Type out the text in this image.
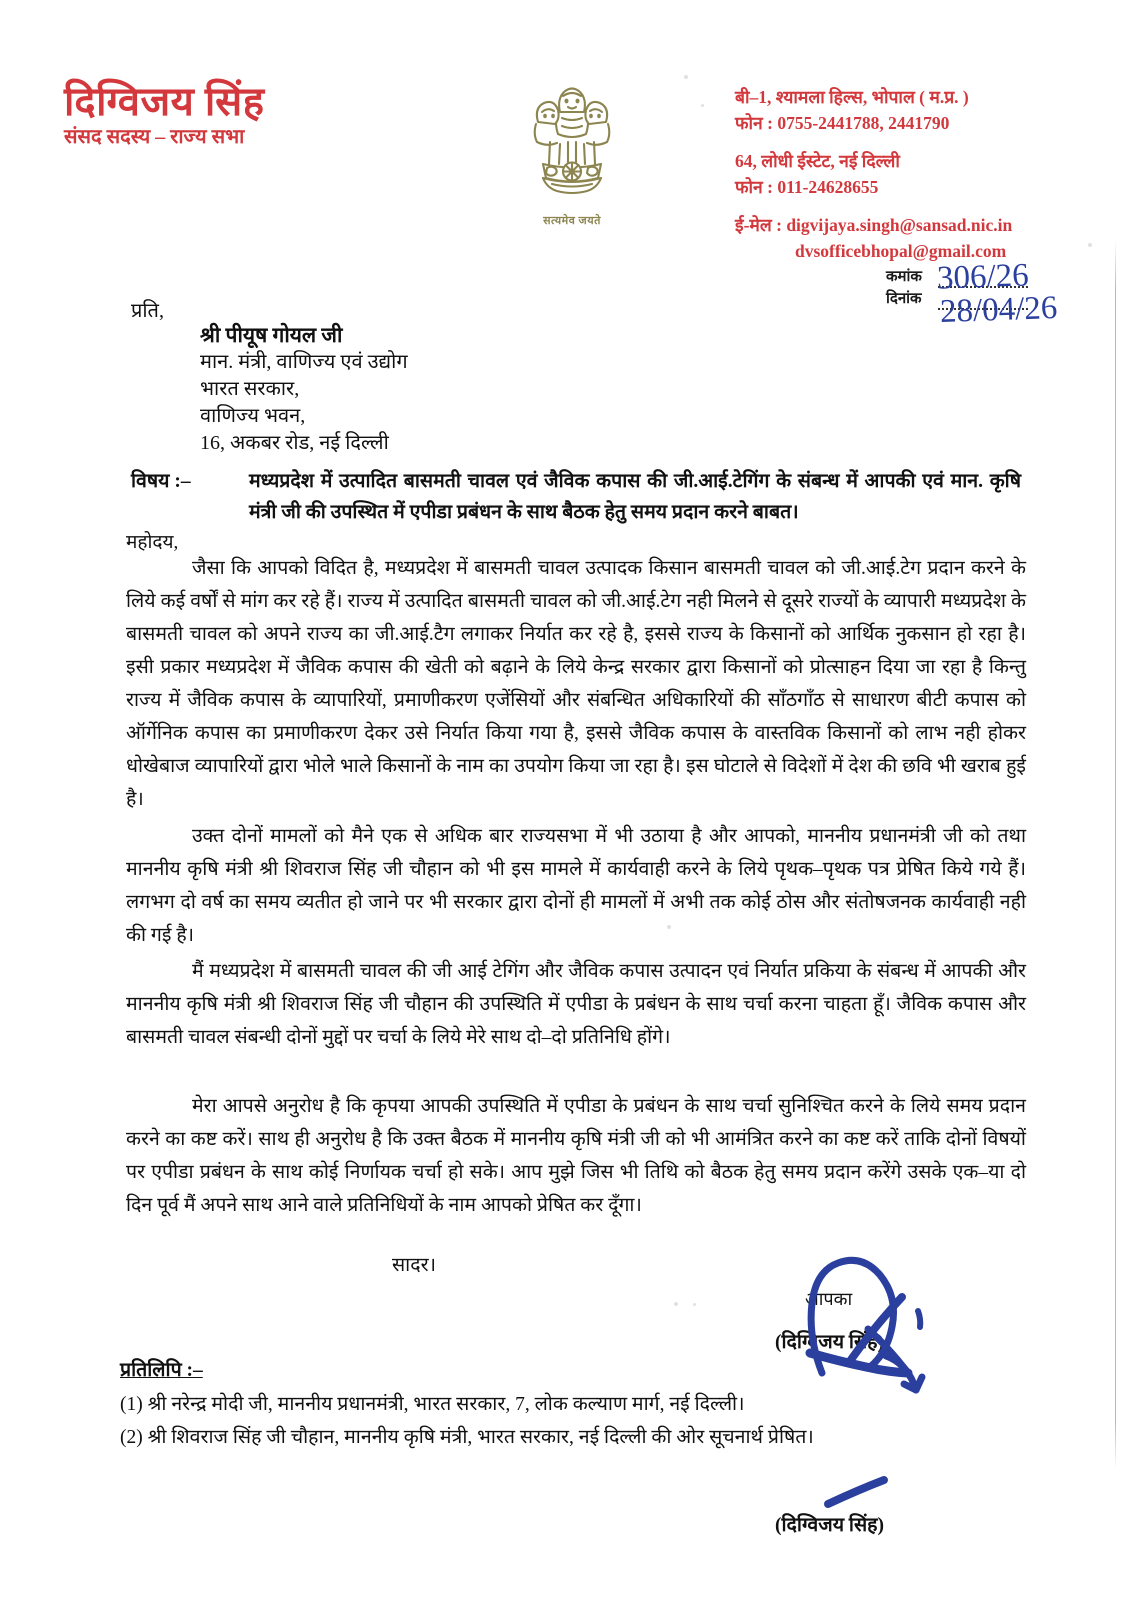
दिग्विजय सिंह
संसद सदस्य – राज्य सभा
सत्यमेव जयते
बी–1, श्यामला हिल्स, भोपाल ( म.प्र. )
फोन : 0755-2441788, 2441790
64, लोधी ईस्टेट, नई दिल्ली
फोन : 011-24628655
ई-मेल : digvijaya.singh@sansad.nic.in
dvsofficebhopal@gmail.com
कमांक
दिनांक
306/26
28/04/26
प्रति,
श्री पीयूष गोयल जी
मान. मंत्री, वाणिज्य एवं उद्योग
भारत सरकार,
वाणिज्य भवन,
16, अकबर रोड, नई दिल्ली
विषय :–	मध्यप्रदेश में उत्पादित बासमती चावल एवं जैविक कपास की जी.आई.टेगिंग के संबन्ध में आपकी एवं मान. कृषि मंत्री जी की उपस्थित में एपीडा प्रबंधन के साथ बैठक हेतु समय प्रदान करने बाबत।
महोदय,
जैसा कि आपको विदित है, मध्यप्रदेश में बासमती चावल उत्पादक किसान बासमती चावल को जी.आई.टेग प्रदान करने के लिये कई वर्षों से मांग कर रहे हैं। राज्य में उत्पादित बासमती चावल को जी.आई.टेग नही मिलने से दूसरे राज्यों के व्यापारी मध्यप्रदेश के बासमती चावल को अपने राज्य का जी.आई.टैग लगाकर निर्यात कर रहे है, इससे राज्य के किसानों को आर्थिक नुकसान हो रहा है। इसी प्रकार मध्यप्रदेश में जैविक कपास की खेती को बढ़ाने के लिये केन्द्र सरकार द्वारा किसानों को प्रोत्साहन दिया जा रहा है किन्तु राज्य में जैविक कपास के व्यापारियों, प्रमाणीकरण एजेंसियों और संबन्धित अधिकारियों की सॉंठगॉंठ से साधारण बीटी कपास को ऑर्गेनिक कपास का प्रमाणीकरण देकर उसे निर्यात किया गया है, इससे जैविक कपास के वास्तविक किसानों को लाभ नही होकर धोखेबाज व्यापारियों द्वारा भोले भाले किसानों के नाम का उपयोग किया जा रहा है। इस घोटाले से विदेशों में देश की छवि भी खराब हुई है।
उक्त दोनों मामलों को मैने एक से अधिक बार राज्यसभा में भी उठाया है और आपको, माननीय प्रधानमंत्री जी को तथा माननीय कृषि मंत्री श्री शिवराज सिंह जी चौहान को भी इस मामले में कार्यवाही करने के लिये पृथक–पृथक पत्र प्रेषित किये गये हैं। लगभग दो वर्ष का समय व्यतीत हो जाने पर भी सरकार द्वारा दोनों ही मामलों में अभी तक कोई ठोस और संतोषजनक कार्यवाही नही की गई है।
मैं मध्यप्रदेश में बासमती चावल की जी आई टेगिंग और जैविक कपास उत्पादन एवं निर्यात प्रकिया के संबन्ध में आपकी और माननीय कृषि मंत्री श्री शिवराज सिंह जी चौहान की उपस्थिति में एपीडा के प्रबंधन के साथ चर्चा करना चाहता हूँ। जैविक कपास और बासमती चावल संबन्धी दोनों मुद्दों पर चर्चा के लिये मेरे साथ दो–दो प्रतिनिधि होंगे।
मेरा आपसे अनुरोध है कि कृपया आपकी उपस्थिति में एपीडा के प्रबंधन के साथ चर्चा सुनिश्चित करने के लिये समय प्रदान करने का कष्ट करें। साथ ही अनुरोध है कि उक्त बैठक में माननीय कृषि मंत्री जी को भी आमंत्रित करने का कष्ट करें ताकि दोनों विषयों पर एपीडा प्रबंधन के साथ कोई निर्णायक चर्चा हो सके। आप मुझे जिस भी तिथि को बैठक हेतु समय प्रदान करेंगे उसके एक–या दो दिन पूर्व मैं अपने साथ आने वाले प्रतिनिधियों के नाम आपको प्रेषित कर दूँगा।
सादर।
आपका
(दिग्विजय सिंह)
प्रतिलिपि :–
(1) श्री नरेन्द्र मोदी जी, माननीय प्रधानमंत्री, भारत सरकार, 7, लोक कल्याण मार्ग, नई दिल्ली।
(2) श्री शिवराज सिंह जी चौहान, माननीय कृषि मंत्री, भारत सरकार, नई दिल्ली की ओर सूचनार्थ प्रेषित।
(दिग्विजय सिंह)
